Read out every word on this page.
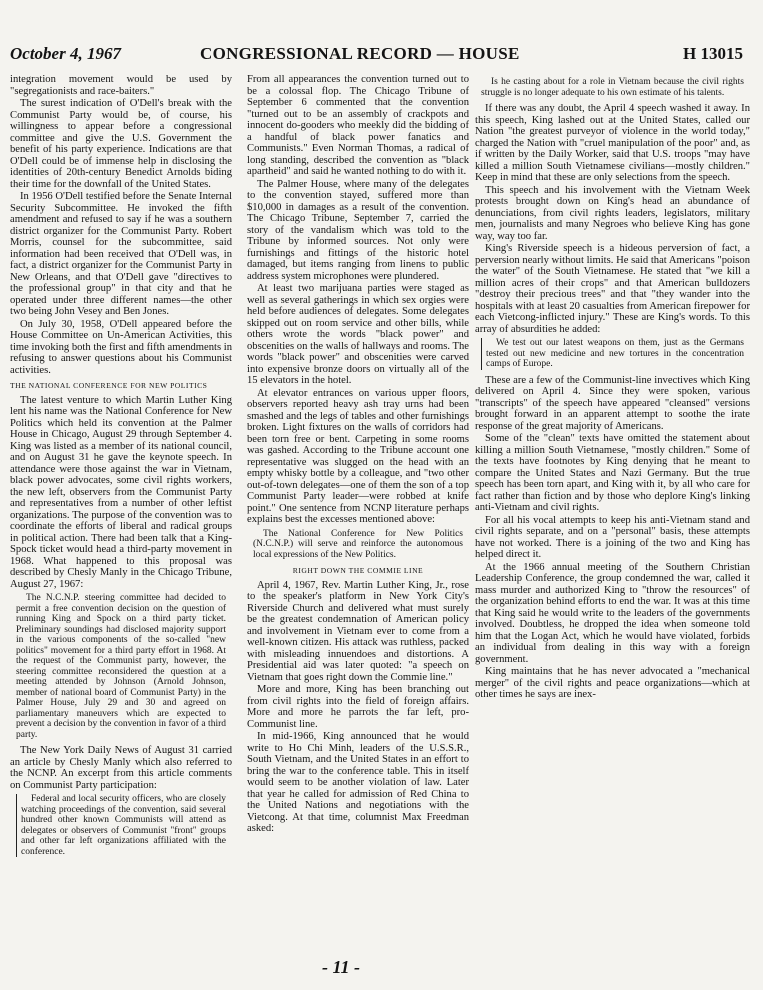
October 4, 1967	CONGRESSIONAL RECORD — HOUSE	H 13015

integration movement would be used by "segregationists and race-baiters."

The surest indication of O'Dell's break with the Communist Party would be, of course, his willingness to appear before a congressional committee and give the U.S. Government the benefit of his party experience. Indications are that O'Dell could be of immense help in disclosing the identities of 20th-century Benedict Arnolds biding their time for the downfall of the United States.

In 1956 O'Dell testified before the Senate Internal Security Subcommittee. He invoked the fifth amendment and refused to say if he was a southern district organizer for the Communist Party. Robert Morris, counsel for the subcommittee, said information had been received that O'Dell was, in fact, a district organizer for the Communist Party in New Orleans, and that O'Dell gave "directives to the professional group" in that city and that he operated under three different names—the other two being John Vesey and Ben Jones.

On July 30, 1958, O'Dell appeared before the House Committee on Un-American Activities, this time invoking both the first and fifth amendments in refusing to answer questions about his Communist activities.

THE NATIONAL CONFERENCE FOR NEW POLITICS

The latest venture to which Martin Luther King lent his name was the National Conference for New Politics which held its convention at the Palmer House in Chicago, August 29 through September 4. King was listed as a member of its national council, and on August 31 he gave the keynote speech. In attendance were those against the war in Vietnam, black power advocates, some civil rights workers, the new left, observers from the Communist Party and representatives from a number of other leftist organizations. The purpose of the convention was to coordinate the efforts of liberal and radical groups in political action. There had been talk that a King-Spock ticket would head a third-party movement in 1968. What happened to this proposal was described by Chesly Manly in the Chicago Tribune, August 27, 1967:

The N.C.N.P. steering committee had decided to permit a free convention decision on the question of running King and Spock on a third party ticket. Preliminary soundings had disclosed majority support in the various components of the so-called "new politics" movement for a third party effort in 1968. At the request of the Communist party, however, the steering committee reconsidered the question at a meeting attended by Johnson (Arnold Johnson, member of national board of Communist Party) in the Palmer House, July 29 and 30 and agreed on parliamentary maneuvers which are expected to prevent a decision by the convention in favor of a third party.

The New York Daily News of August 31 carried an article by Chesly Manly which also referred to the NCNP. An excerpt from this article comments on Communist Party participation:

Federal and local security officers, who are closely watching proceedings of the convention, said several hundred other known Communists will attend as delegates or observers of Communist "front" groups and other far left organizations affiliated with the conference.

From all appearances the convention turned out to be a colossal flop. The Chicago Tribune of September 6 commented that the convention "turned out to be an assembly of crackpots and innocent do-gooders who meekly did the bidding of a handful of black power fanatics and Communists." Even Norman Thomas, a radical of long standing, described the convention as "black apartheid" and said he wanted nothing to do with it.

The Palmer House, where many of the delegates to the convention stayed, suffered more than $10,000 in damages as a result of the convention. The Chicago Tribune, September 7, carried the story of the vandalism which was told to the Tribune by informed sources. Not only were furnishings and fittings of the historic hotel damaged, but items ranging from linens to public address system microphones were plundered.

At least two marijuana parties were staged as well as several gatherings in which sex orgies were held before audiences of delegates. Some delegates skipped out on room service and other bills, while others wrote the words "black power" and obscenities on the walls of hallways and rooms. The words "black power" and obscenities were carved into expensive bronze doors on virtually all of the 15 elevators in the hotel.

At elevator entrances on various upper floors, observers reported heavy ash tray urns had been smashed and the legs of tables and other furnishings broken. Light fixtures on the walls of corridors had been torn free or bent. Carpeting in some rooms was gashed. According to the Tribune account one representative was slugged on the head with an empty whisky bottle by a colleague, and "two other out-of-town delegates—one of them the son of a top Communist Party leader—were robbed at knife point." One sentence from NCNP literature perhaps explains best the excesses mentioned above:

The National Conference for New Politics (N.C.N.P.) will serve and reinforce the autonomous local expressions of the New Politics.

RIGHT DOWN THE COMMIE LINE

April 4, 1967, Rev. Martin Luther King, Jr., rose to the speaker's platform in New York City's Riverside Church and delivered what must surely be the greatest condemnation of American policy and involvement in Vietnam ever to come from a well-known citizen. His attack was ruthless, packed with misleading innuendoes and distortions. A Presidential aid was later quoted: "a speech on Vietnam that goes right down the Commie line."

More and more, King has been branching out from civil rights into the field of foreign affairs. More and more he parrots the far left, pro-Communist line.

In mid-1966, King announced that he would write to Ho Chi Minh, leaders of the U.S.S.R., South Vietnam, and the United States in an effort to bring the war to the conference table. This in itself would seem to be another violation of law. Later that year he called for admission of Red China to the United Nations and negotiations with the Vietcong. At that time, columnist Max Freedman asked:

Is he casting about for a role in Vietnam because the civil rights struggle is no longer adequate to his own estimate of his talents.

If there was any doubt, the April 4 speech washed it away. In this speech, King lashed out at the United States, called our Nation "the greatest purveyor of violence in the world today," charged the Nation with "cruel manipulation of the poor" and, as if written by the Daily Worker, said that U.S. troops "may have killed a million South Vietnamese civilians—mostly children." Keep in mind that these are only selections from the speech.

This speech and his involvement with the Vietnam Week protests brought down on King's head an abundance of denunciations, from civil rights leaders, legislators, military men, journalists and many Negroes who believe King has gone way, way too far.

King's Riverside speech is a hideous perversion of fact, a perversion nearly without limits. He said that Americans "poison the water" of the South Vietnamese. He stated that "we kill a million acres of their crops" and that American bulldozers "destroy their precious trees" and that "they wander into the hospitals with at least 20 casualties from American firepower for each Vietcong-inflicted injury." These are King's words. To this array of absurdities he added:

We test out our latest weapons on them, just as the Germans tested out new medicine and new tortures in the concentration camps of Europe.

These are a few of the Communist-line invectives which King delivered on April 4. Since they were spoken, various "transcripts" of the speech have appeared "cleansed" versions brought forward in an apparent attempt to soothe the irate response of the great majority of Americans.

Some of the "clean" texts have omitted the statement about killing a million South Vietnamese, "mostly children." Some of the texts have footnotes by King denying that he meant to compare the United States and Nazi Germany. But the true speech has been torn apart, and King with it, by all who care for fact rather than fiction and by those who deplore King's linking anti-Vietnam and civil rights.

For all his vocal attempts to keep his anti-Vietnam stand and civil rights separate, and on a "personal" basis, these attempts have not worked. There is a joining of the two and King has helped direct it.

At the 1966 annual meeting of the Southern Christian Leadership Conference, the group condemned the war, called it mass murder and authorized King to "throw the resources" of the organization behind efforts to end the war. It was at this time that King said he would write to the leaders of the governments involved. Doubtless, he dropped the idea when someone told him that the Logan Act, which he would have violated, forbids an individual from dealing in this way with a foreign government.

King maintains that he has never advocated a "mechanical merger" of the civil rights and peace organizations—which at other times he says are inex-

- 11 -
